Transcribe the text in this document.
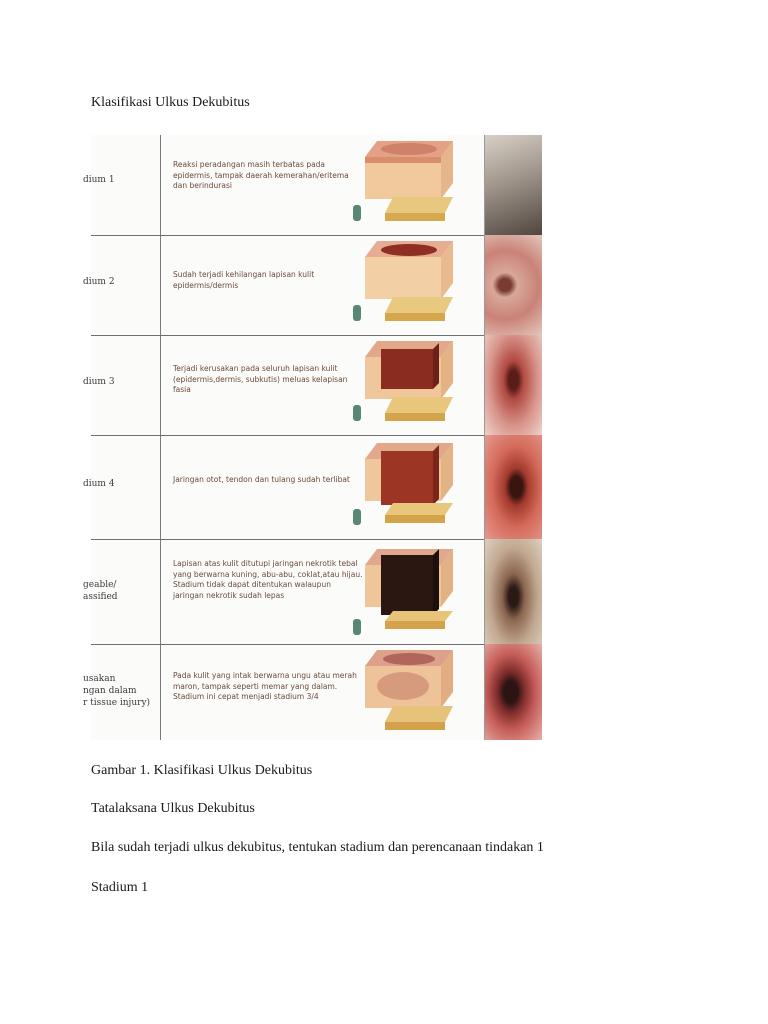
Klasifikasi Ulkus Dekubitus
dium 1
Reaksi peradangan masih terbatas pada epidermis, tampak daerah kemerahan/eritema dan berindurasi
dium 2
Sudah terjadi kehilangan lapisan kulit epidermis/dermis
dium 3
Terjadi kerusakan pada seluruh lapisan kulit (epidermis,dermis, subkutis) meluas kelapisan fasia
dium 4	Jaringan otot, tendon dan tulang sudah terlibat
geable/
assified
Lapisan atas kulit ditutupi jaringan nekrotik tebal yang berwarna kuning, abu-abu, coklat,atau hijau. Stadium tidak dapat ditentukan walaupun jaringan nekrotik sudah lepas
usakan
ngan dalam
r tissue injury)
Pada kulit yang intak berwarna ungu atau merah maron, tampak seperti memar yang dalam. Stadium ini cepat menjadi stadium 3/4
Gambar 1. Klasifikasi Ulkus Dekubitus
Tatalaksana Ulkus Dekubitus
Bila sudah terjadi ulkus dekubitus, tentukan stadium dan perencanaan tindakan 1
Stadium 1
